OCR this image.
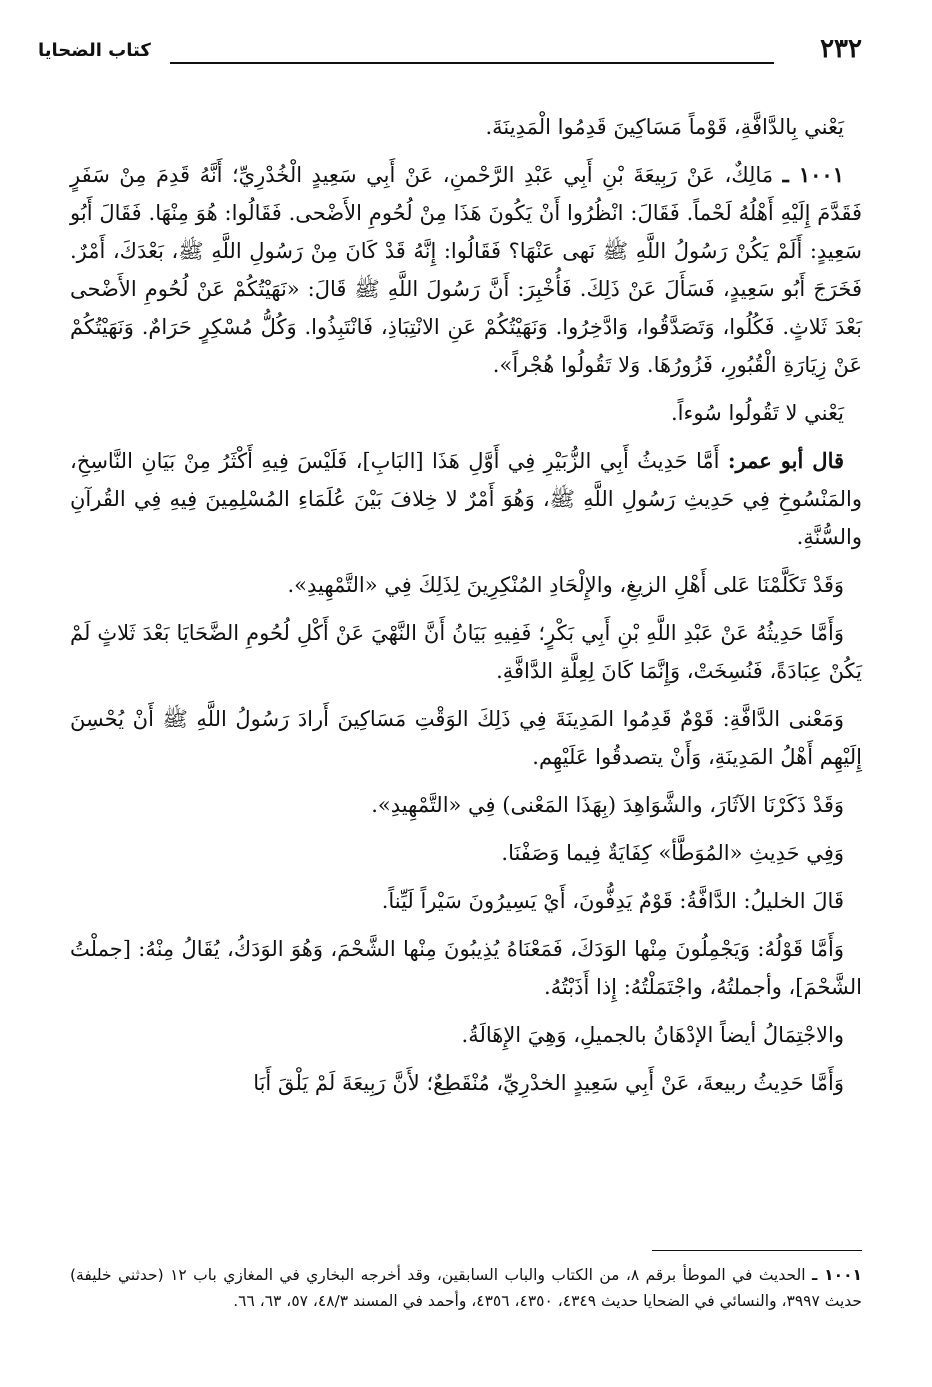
٢٣٢
كتاب الضحايا

يَعْني بِالدَّافَّةِ، قَوْماً مَسَاكِينَ قَدِمُوا الْمَدِينَةَ.

١٠٠١ ـ مَالِكٌ، عَنْ رَبِيعَةَ بْنِ أَبِي عَبْدِ الرَّحْمنِ، عَنْ أَبِي سَعِيدٍ الْخُدْرِيِّ؛ أَنَّهُ قَدِمَ مِنْ سَفَرٍ فَقَدَّمَ إِلَيْهِ أَهْلُهُ لَحْماً. فَقَالَ: انْظُرُوا أَنْ يَكُونَ هَذَا مِنْ لُحُومِ الأَضْحى. فَقَالُوا: هُوَ مِنْهَا. فَقَالَ أَبُو سَعِيدٍ: أَلَمْ يَكُنْ رَسُولُ اللَّهِ ﷺ نَهى عَنْهَا؟ فَقَالُوا: إِنَّهُ قَدْ كَانَ مِنْ رَسُولِ اللَّهِ ﷺ، بَعْدَكَ، أَمْرٌ. فَخَرَجَ أَبُو سَعِيدٍ، فَسَأَلَ عَنْ ذَلِكَ. فَأُخْبِرَ: أَنَّ رَسُولَ اللَّهِ ﷺ قَالَ: «نَهَيْتُكُمْ عَنْ لُحُومِ الأَضْحى بَعْدَ ثَلاثٍ. فَكُلُوا، وَتَصَدَّقُوا، وَادَّخِرُوا. وَنَهَيْتُكُمْ عَنِ الانْتِبَاذِ، فَانْتَبِذُوا. وَكُلُّ مُسْكِرٍ حَرَامٌ. وَنَهَيْتُكُمْ عَنْ زِيَارَةِ الْقُبُورِ، فَزُورُهَا. وَلا تَقُولُوا هُجْراً».

يَعْني لا تَقُولُوا سُوءاً.

قال أبو عمر: أَمَّا حَدِيثُ أَبِي الزُّبَيْرِ فِي أَوَّلِ هَذَا [البَابِ]، فَلَيْسَ فِيهِ أَكْثَرُ مِنْ بَيَانِ النَّاسِخِ، والمَنْسُوخِ فِي حَدِيثِ رَسُولِ اللَّهِ ﷺ، وَهُوَ أَمْرٌ لا خِلافَ بَيْنَ عُلَمَاءِ المُسْلِمِينَ فِيهِ فِي القُرآنِ والسُّنَّةِ.

وَقَدْ تَكَلَّمْنَا عَلى أَهْلِ الزيغِ، والإِلْحَادِ المُنْكِرِينَ لِذَلِكَ فِي «التَّمْهِيدِ».

وَأَمَّا حَدِيثُهُ عَنْ عَبْدِ اللَّهِ بْنِ أَبِي بَكْرٍ؛ فَفِيهِ بَيَانُ أَنَّ النَّهْيَ عَنْ أَكْلِ لُحُومِ الضَّحَايَا بَعْدَ ثَلاثٍ لَمْ يَكُنْ عِبَادَةً، فَنُسِخَتْ، وَإِنَّمَا كَانَ لِعِلَّةِ الدَّافَّةِ.

وَمَعْنى الدَّافَّةِ: قَوْمٌ قَدِمُوا المَدِينَةَ فِي ذَلِكَ الوَقْتِ مَسَاكِينَ أَرادَ رَسُولُ اللَّهِ ﷺ أَنْ يُحْسِنَ إِلَيْهِم أَهْلُ المَدِينَةِ، وَأَنْ يتصدقُوا عَلَيْهِم.

وَقَدْ ذَكَرْنَا الآثَارَ، والشَّوَاهِدَ (بِهَذَا المَعْنى) فِي «التَّمْهِيدِ».

وَفِي حَدِيثِ «المُوَطَّأ» كِفَايَةٌ فِيما وَصَفْنَا.

قَالَ الخليلُ: الدَّافَّةُ: قَوْمٌ يَدِفُّونَ، أَيْ يَسِيرُونَ سَيْراً لَيِّناً.

وَأَمَّا قَوْلُهُ: وَيَجْمِلُونَ مِنْها الوَدَكَ، فَمَعْنَاهُ يُذِيبُونَ مِنْها الشَّحْمَ، وَهُوَ الوَدَكُ، يُقَالُ مِنْهُ: [جملْتُ الشَّحْمَ]، وأجملتُهُ، واجْتَمَلْتُهُ: إِذا أَذَبْتُهُ.

والاجْتِمَالُ أيضاً الإدْهَانُ بالجميلِ، وَهِيَ الإِهَالَةُ.

وَأَمَّا حَدِيثُ ربيعةَ، عَنْ أَبِي سَعِيدٍ الخدْرِيِّ، مُنْقَطِعٌ؛ لأَنَّ رَبِيعَةَ لَمْ يَلْقَ أَبَا

١٠٠١ ـ الحديث في الموطأ برقم ٨، من الكتاب والباب السابقين، وقد أخرجه البخاري في المغازي باب ١٢ (حدثني خليفة) حديث ٣٩٩٧، والنسائي في الضحايا حديث ٤٣٤٩، ٤٣٥٠، ٤٣٥٦، وأحمد في المسند ٤٨/٣، ٥٧، ٦٣، ٦٦.
